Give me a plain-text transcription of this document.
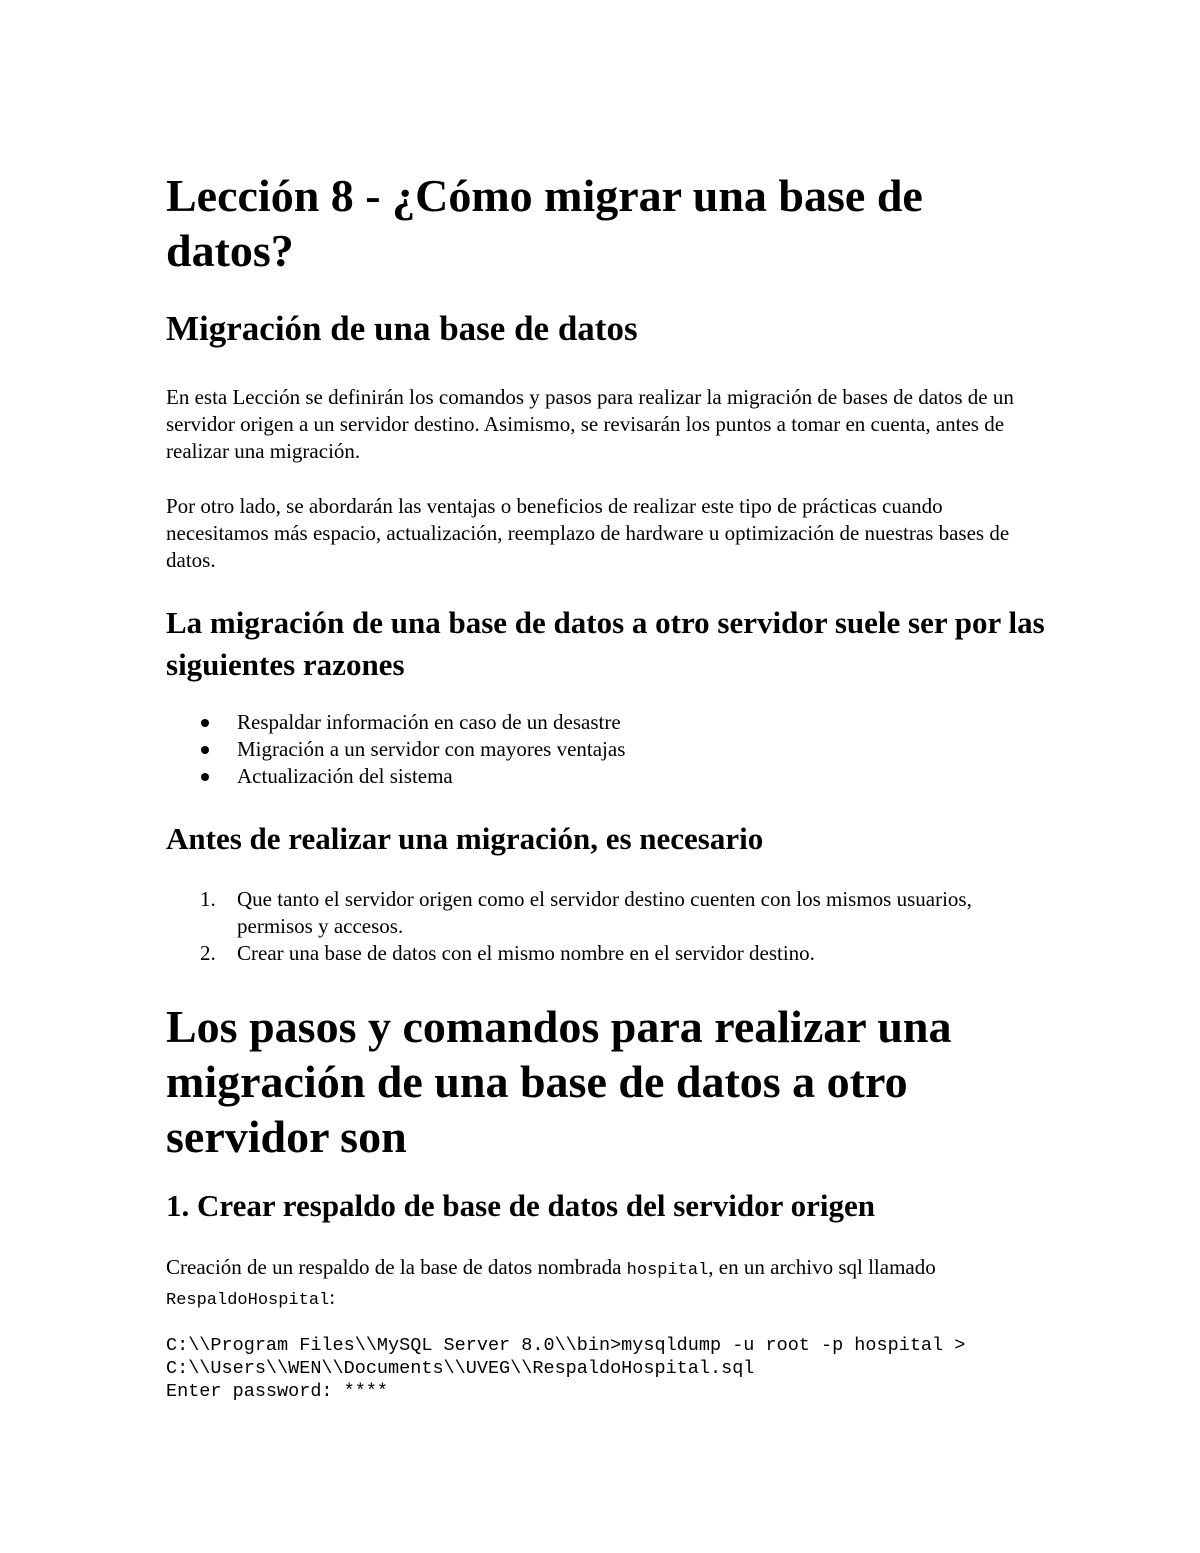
Lección 8 - ¿Cómo migrar una base de datos?
Migración de una base de datos

En esta Lección se definirán los comandos y pasos para realizar la migración de bases de datos de un servidor origen a un servidor destino. Asimismo, se revisarán los puntos a tomar en cuenta, antes de realizar una migración.

Por otro lado, se abordarán las ventajas o beneficios de realizar este tipo de prácticas cuando necesitamos más espacio, actualización, reemplazo de hardware u optimización de nuestras bases de datos.

La migración de una base de datos a otro servidor suele ser por las siguientes razones
Respaldar información en caso de un desastre
Migración a un servidor con mayores ventajas
Actualización del sistema
Antes de realizar una migración, es necesario
1. Que tanto el servidor origen como el servidor destino cuenten con los mismos usuarios, permisos y accesos.
2. Crear una base de datos con el mismo nombre en el servidor destino.
Los pasos y comandos para realizar una migración de una base de datos a otro servidor son
1. Crear respaldo de base de datos del servidor origen

Creación de un respaldo de la base de datos nombrada hospital, en un archivo sql llamado RespaldoHospital:

C:\\Program Files\\MySQL Server 8.0\\bin>mysqldump -u root -p hospital >
C:\\Users\\WEN\\Documents\\UVEG\\RespaldoHospital.sql
Enter password: ****
